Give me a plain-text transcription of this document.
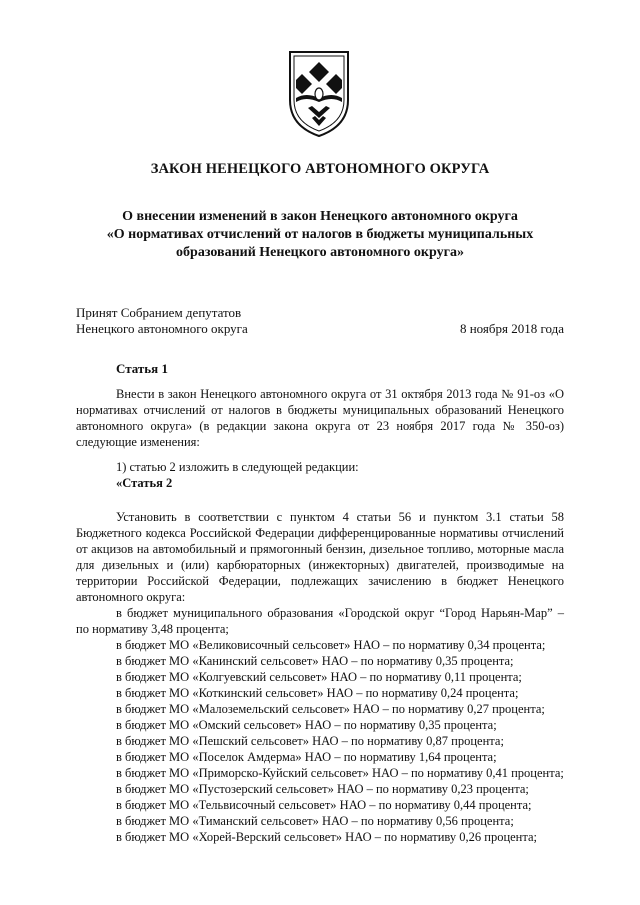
ЗАКОН НЕНЕЦКОГО АВТОНОМНОГО ОКРУГА
О внесении изменений в закон Ненецкого автономного округа
«О нормативах отчислений от налогов в бюджеты муниципальных
образований Ненецкого автономного округа»
Принят Собранием депутатов
Ненецкого автономного округа	8 ноября 2018 года
Статья 1

Внести в закон Ненецкого автономного округа от 31 октября 2013 года № 91-оз «О нормативах отчислений от налогов в бюджеты муниципальных образований Ненецкого автономного округа» (в редакции закона округа от 23 ноября 2017 года № 350-оз) следующие изменения:

1) статью 2 изложить в следующей редакции:

«Статья 2

Установить в соответствии с пунктом 4 статьи 56 и пунктом 3.1 статьи 58 Бюджетного кодекса Российской Федерации дифференцированные нормативы отчислений от акцизов на автомобильный и прямогонный бензин, дизельное топливо, моторные масла для дизельных и (или) карбюраторных (инжекторных) двигателей, производимые на территории Российской Федерации, подлежащих зачислению в бюджет Ненецкого автономного округа:

в бюджет муниципального образования «Городской округ “Город Нарьян-Мар” – по нормативу 3,48 процента;

в бюджет МО «Великовисочный сельсовет» НАО – по нормативу 0,34 процента;

в бюджет МО «Канинский сельсовет» НАО – по нормативу 0,35 процента;

в бюджет МО «Колгуевский сельсовет» НАО – по нормативу 0,11 процента;

в бюджет МО «Коткинский сельсовет» НАО – по нормативу 0,24 процента;

в бюджет МО «Малоземельский сельсовет» НАО – по нормативу 0,27 процента;

в бюджет МО «Омский сельсовет» НАО – по нормативу 0,35 процента;

в бюджет МО «Пешский сельсовет» НАО – по нормативу 0,87 процента;

в бюджет МО «Поселок Амдерма» НАО – по нормативу 1,64 процента;

в бюджет МО «Приморско-Куйский сельсовет» НАО – по нормативу 0,41 процента;

в бюджет МО «Пустозерский сельсовет» НАО – по нормативу 0,23 процента;

в бюджет МО «Тельвисочный сельсовет» НАО – по нормативу 0,44 процента;

в бюджет МО «Тиманский сельсовет» НАО – по нормативу 0,56 процента;

в бюджет МО «Хорей-Верский сельсовет» НАО – по нормативу 0,26 процента;
